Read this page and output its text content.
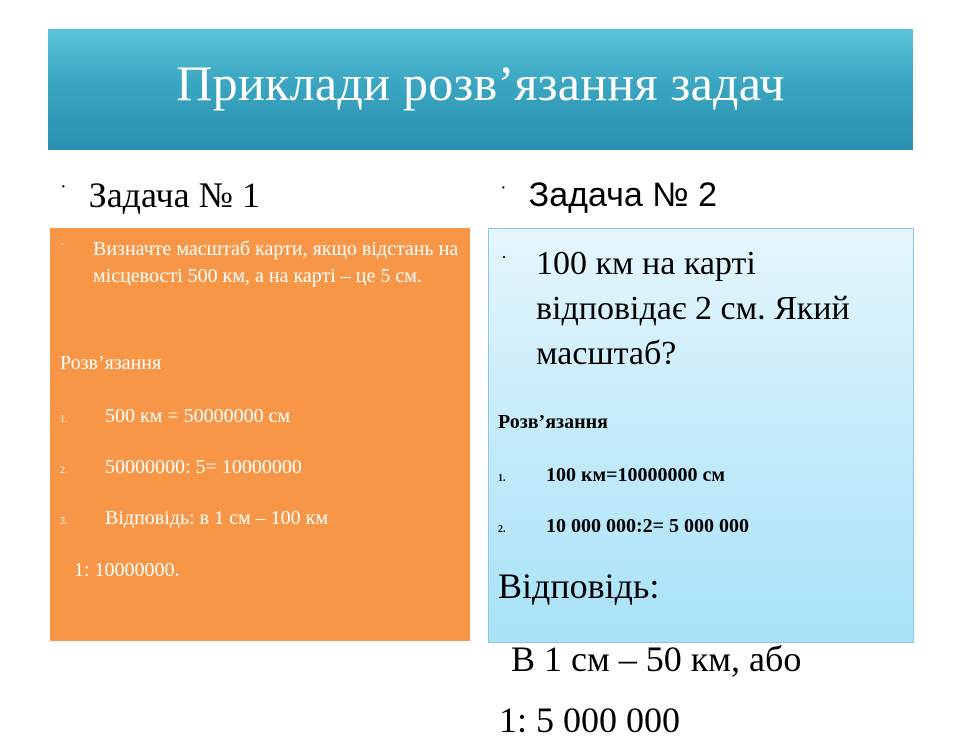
Приклади розв’язання задач
· Задача № 1	· Задача № 2
·	Визначте масштаб карти, якщо відстань на місцевості 500 км, а на карті – це 5 см.
Розв’язання
1.	500 км = 50000000 см
2.	50000000: 5= 10000000
3.	Відповідь: в 1 см – 100 км
1: 10000000.
· 100 км на карті відповідає 2 см. Який масштаб?
Розв’язання
1.	100 км=10000000 см
2.	10 000 000:2= 5 000 000
Відповідь:
В 1 см – 50 км, або
1: 5 000 000
